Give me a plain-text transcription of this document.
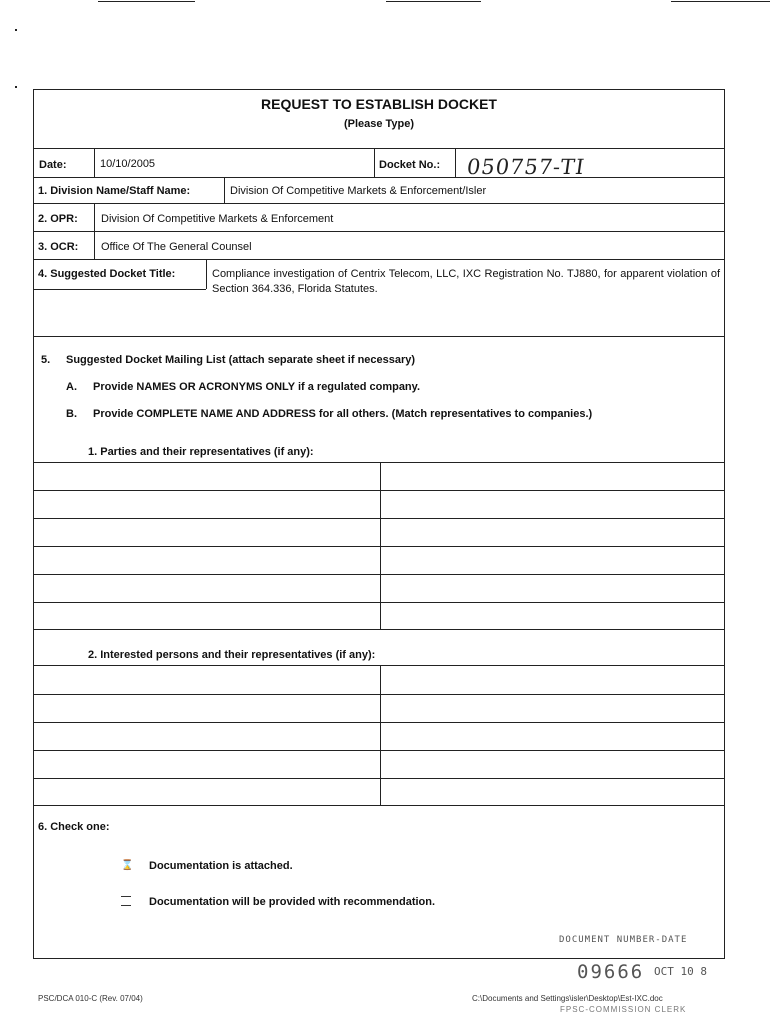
REQUEST TO ESTABLISH DOCKET
(Please Type)
Date:	10/10/2005	Docket No.: 050757-TI
1. Division Name/Staff Name:	Division Of Competitive Markets & Enforcement/Isler
2. OPR: Division Of Competitive Markets & Enforcement
3. OCR: Office Of The General Counsel
4. Suggested Docket Title:	Compliance investigation of Centrix Telecom, LLC, IXC Registration No. TJ880, for apparent violation of Section 364.336, Florida Statutes.
5. Suggested Docket Mailing List (attach separate sheet if necessary)
A. Provide NAMES OR ACRONYMS ONLY if a regulated company.
B. Provide COMPLETE NAME AND ADDRESS for all others. (Match representatives to companies.)
1. Parties and their representatives (if any):
2. Interested persons and their representatives (if any):
6. Check one:
⌛ Documentation is attached.
Documentation will be provided with recommendation.
DOCUMENT NUMBER-DATE
09666 OCT 10 8
PSC/DCA 010-C (Rev. 07/04)	C:\Documents and Settings\isler\Desktop\Est-IXC.doc
FPSC-COMMISSION CLERK
